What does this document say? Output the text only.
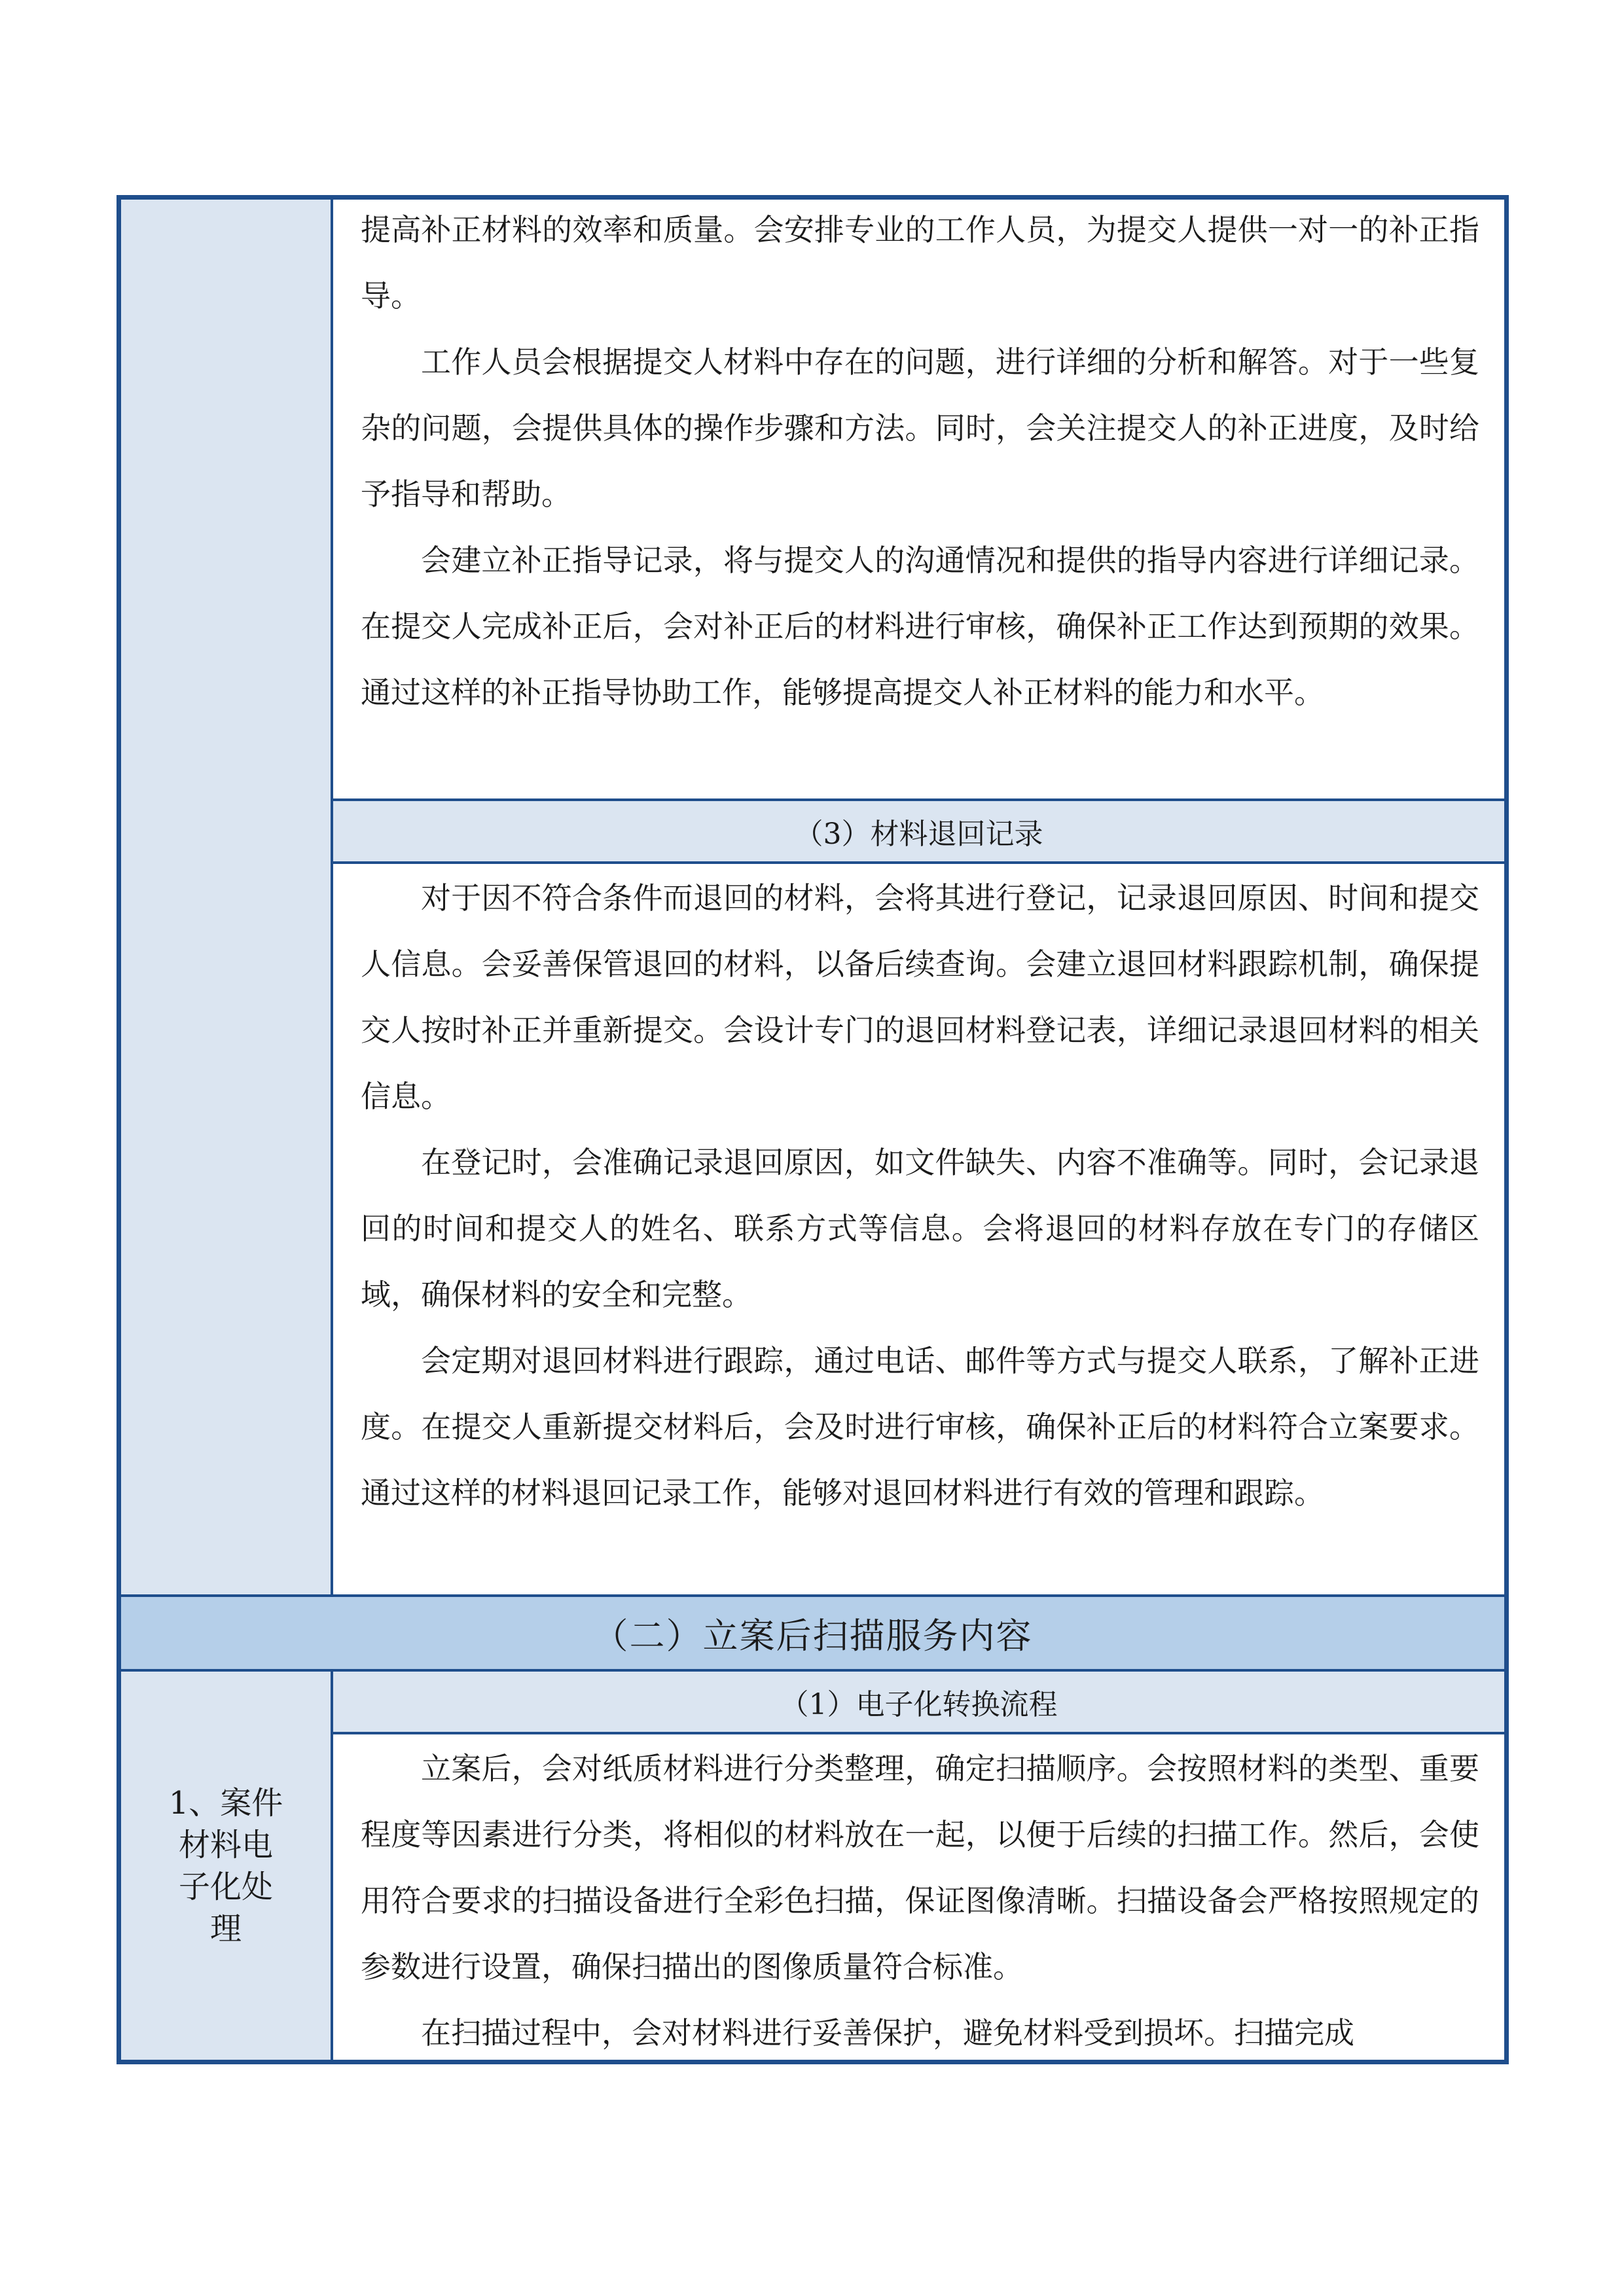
1、案件材料电子化处理

提高补正材料的效率和质量。会安排专业的工作人员，为提交人提供一对一的补正指导。

工作人员会根据提交人材料中存在的问题，进行详细的分析和解答。对于一些复杂的问题，会提供具体的操作步骤和方法。同时，会关注提交人的补正进度，及时给予指导和帮助。

会建立补正指导记录，将与提交人的沟通情况和提供的指导内容进行详细记录。在提交人完成补正后，会对补正后的材料进行审核，确保补正工作达到预期的效果。通过这样的补正指导协助工作，能够提高提交人补正材料的能力和水平。

（3）材料退回记录

对于因不符合条件而退回的材料，会将其进行登记，记录退回原因、时间和提交人信息。会妥善保管退回的材料，以备后续查询。会建立退回材料跟踪机制，确保提交人按时补正并重新提交。会设计专门的退回材料登记表，详细记录退回材料的相关信息。

在登记时，会准确记录退回原因，如文件缺失、内容不准确等。同时，会记录退回的时间和提交人的姓名、联系方式等信息。会将退回的材料存放在专门的存储区域，确保材料的安全和完整。

会定期对退回材料进行跟踪，通过电话、邮件等方式与提交人联系，了解补正进度。在提交人重新提交材料后，会及时进行审核，确保补正后的材料符合立案要求。通过这样的材料退回记录工作，能够对退回材料进行有效的管理和跟踪。

（二）立案后扫描服务内容
（1）电子化转换流程

立案后，会对纸质材料进行分类整理，确定扫描顺序。会按照材料的类型、重要程度等因素进行分类，将相似的材料放在一起，以便于后续的扫描工作。然后，会使用符合要求的扫描设备进行全彩色扫描，保证图像清晰。扫描设备会严格按照规定的参数进行设置，确保扫描出的图像质量符合标准。

在扫描过程中，会对材料进行妥善保护，避免材料受到损坏。扫描完成
